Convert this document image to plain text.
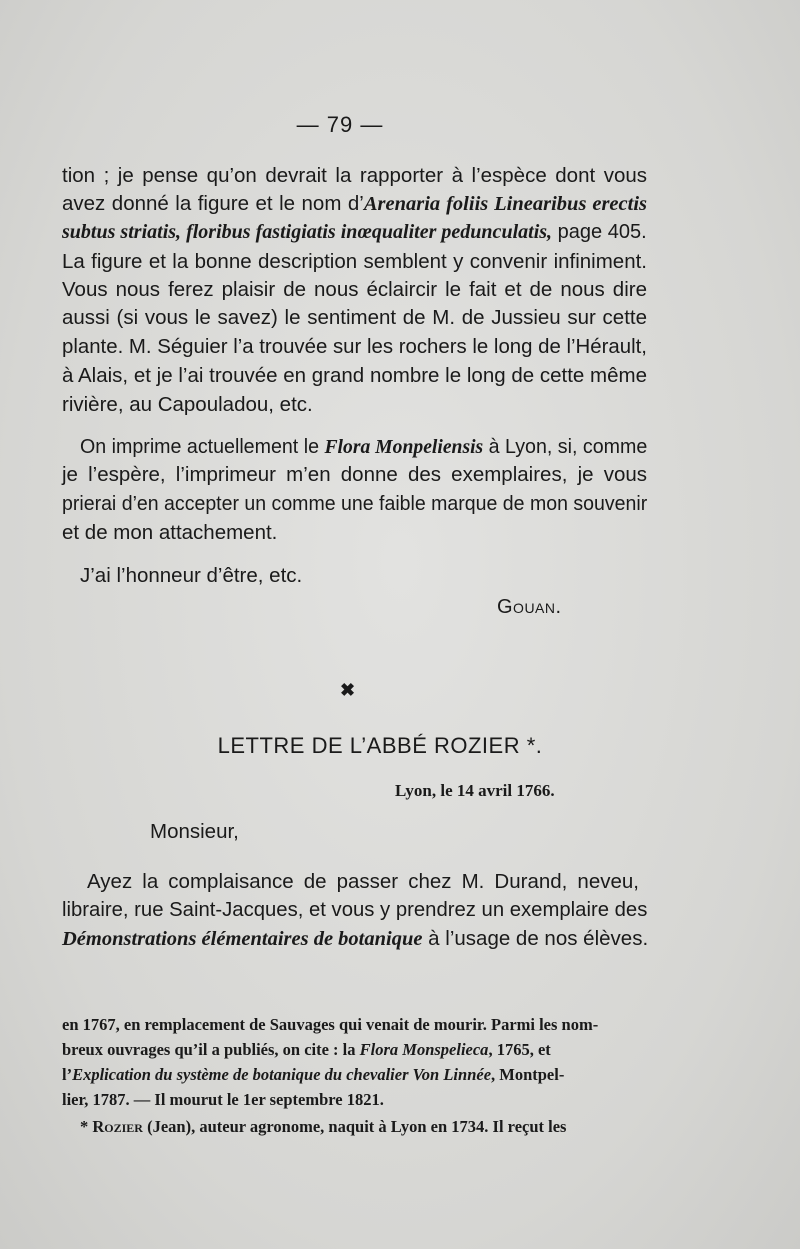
— 79 —
tion ; je pense qu’on devrait la rapporter à l’espèce dont vous
avez donné la figure et le nom d’Arenaria foliis Linearibus erectis
subtus striatis, floribus fastigiatis inœqualiter pedunculatis, page 405.
La figure et la bonne description semblent y convenir infiniment.
Vous nous ferez plaisir de nous éclaircir le fait et de nous dire
aussi (si vous le savez) le sentiment de M. de Jussieu sur cette
plante. M. Séguier l’a trouvée sur les rochers le long de l’Hérault,
à Alais, et je l’ai trouvée en grand nombre le long de cette même
rivière, au Capouladou, etc.
On imprime actuellement le Flora Monpeliensis à Lyon, si, comme
je l’espère, l’imprimeur m’en donne des exemplaires, je vous
prierai d’en accepter un comme une faible marque de mon souvenir
et de mon attachement.
J’ai l’honneur d’être, etc.
Gouan.
✖
LETTRE DE L’ABBÉ ROZIER *.
Lyon, le 14 avril 1766.
Monsieur,
Ayez la complaisance de passer chez M. Durand, neveu,
libraire, rue Saint-Jacques, et vous y prendrez un exemplaire des
Démonstrations élémentaires de botanique à l’usage de nos élèves.
en 1767, en remplacement de Sauvages qui venait de mourir. Parmi les nom-
breux ouvrages qu’il a publiés, on cite : la Flora Monspelieca, 1765, et
l’Explication du système de botanique du chevalier Von Linnée, Montpel-
lier, 1787. — Il mourut le 1er septembre 1821.
* Rozier (Jean), auteur agronome, naquit à Lyon en 1734. Il reçut les
